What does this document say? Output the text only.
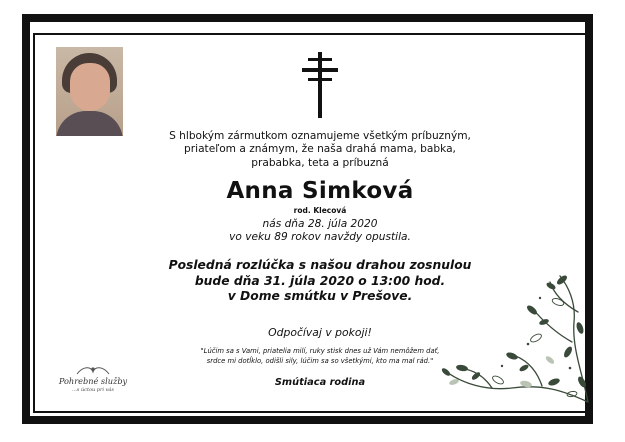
S hlbokým zármutkom oznamujeme všetkým príbuzným,
priateľom a známym, že naša drahá mama, babka,
prababka, teta a príbuzná
Anna Simková
rod. Klecová
nás dňa 28. júla 2020
vo veku 89 rokov navždy opustila.
Posledná rozlúčka s našou drahou zosnulou
bude dňa 31. júla 2020 o 13:00 hod.
v Dome smútku v Prešove.
Odpočívaj v pokoji!
"Lúčim sa s Vami, priatelia milí, ruky stisk dnes už Vám nemôžem dať,
srdce mi dotĺklo, odišli sily, lúčim sa so všetkými, kto ma mal rád."
Smútiaca rodina
Pohrebné služby
...s úctou pri vás
